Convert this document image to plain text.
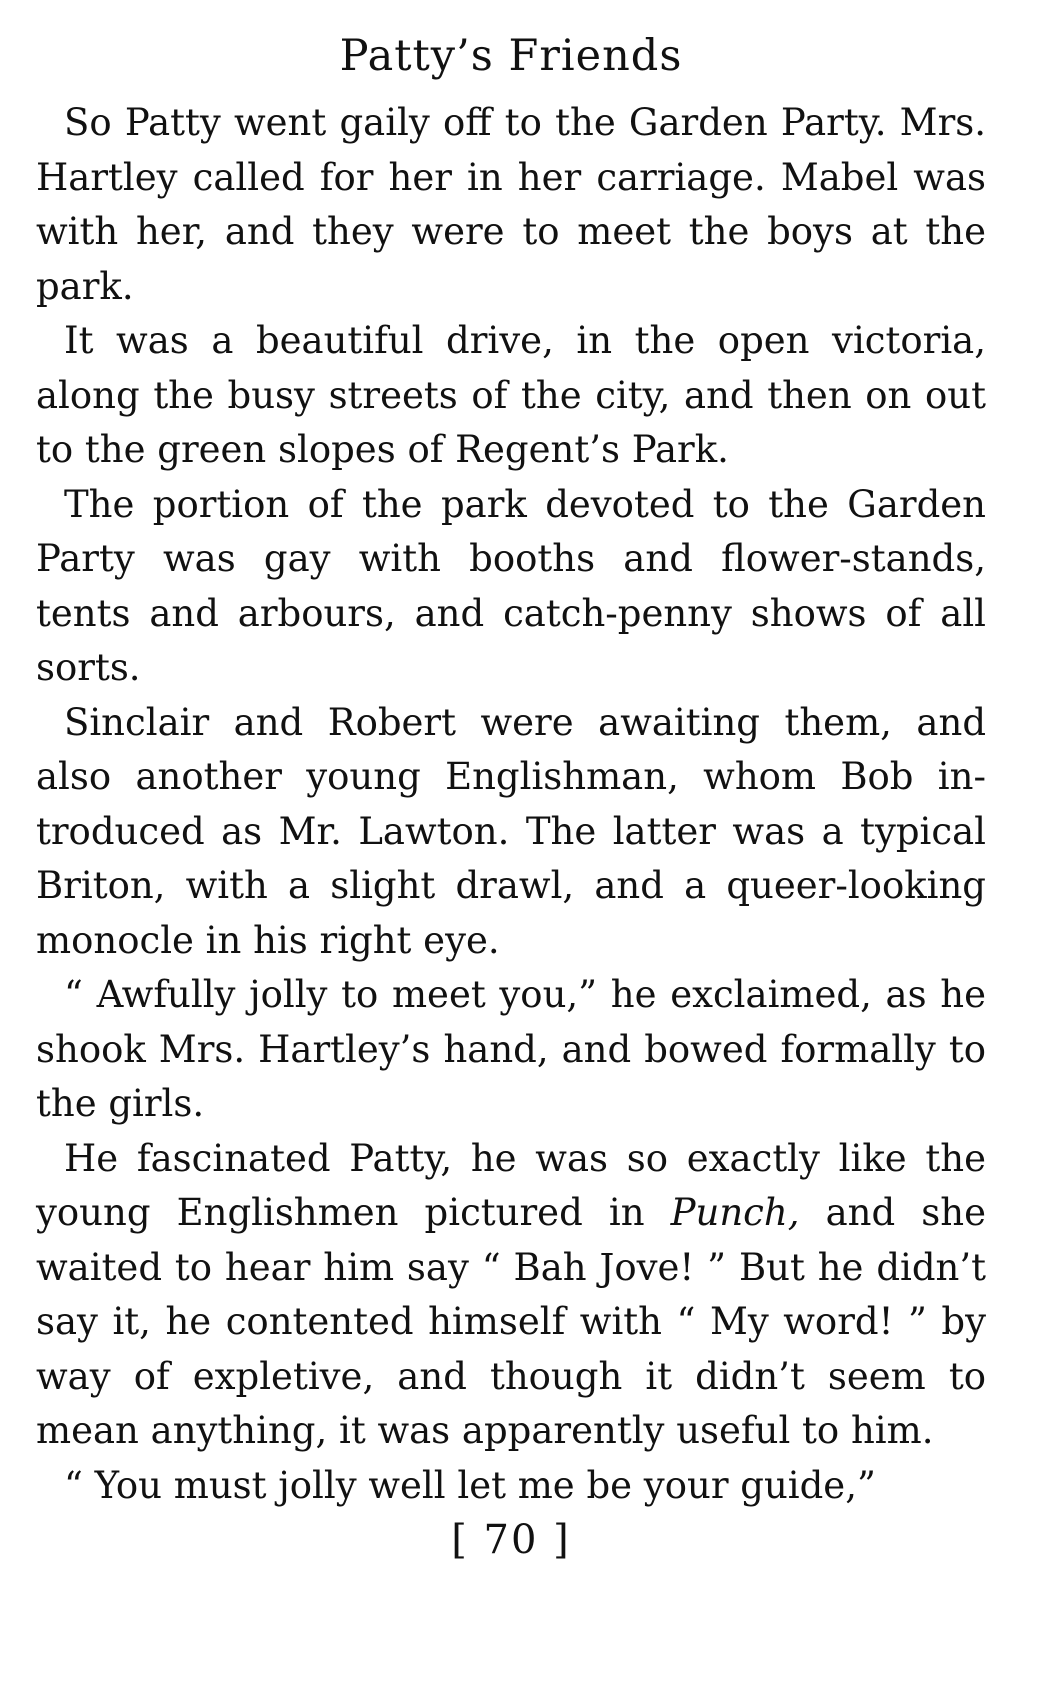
Patty’s Friends

So Patty went gaily off to the Garden Party. Mrs. Hartley called for her in her carriage. Mabel was with her, and they were to meet the boys at the park.

It was a beautiful drive, in the open victoria, along the busy streets of the city, and then on out to the green slopes of Regent’s Park.

The portion of the park devoted to the Garden Party was gay with booths and flower-stands, tents and arbours, and catch-penny shows of all sorts.

Sinclair and Robert were awaiting them, and also another young Englishman, whom Bob introduced as Mr. Lawton. The latter was a typical Briton, with a slight drawl, and a queer-looking monocle in his right eye.

“ Awfully jolly to meet you,” he exclaimed, as he shook Mrs. Hartley’s hand, and bowed formally to the girls.

He fascinated Patty, he was so exactly like the young Englishmen pictured in Punch, and she waited to hear him say “ Bah Jove! ” But he didn’t say it, he contented himself with “ My word! ” by way of expletive, and though it didn’t seem to mean anything, it was apparently useful to him.

“ You must jolly well let me be your guide,”

[ 70 ]
